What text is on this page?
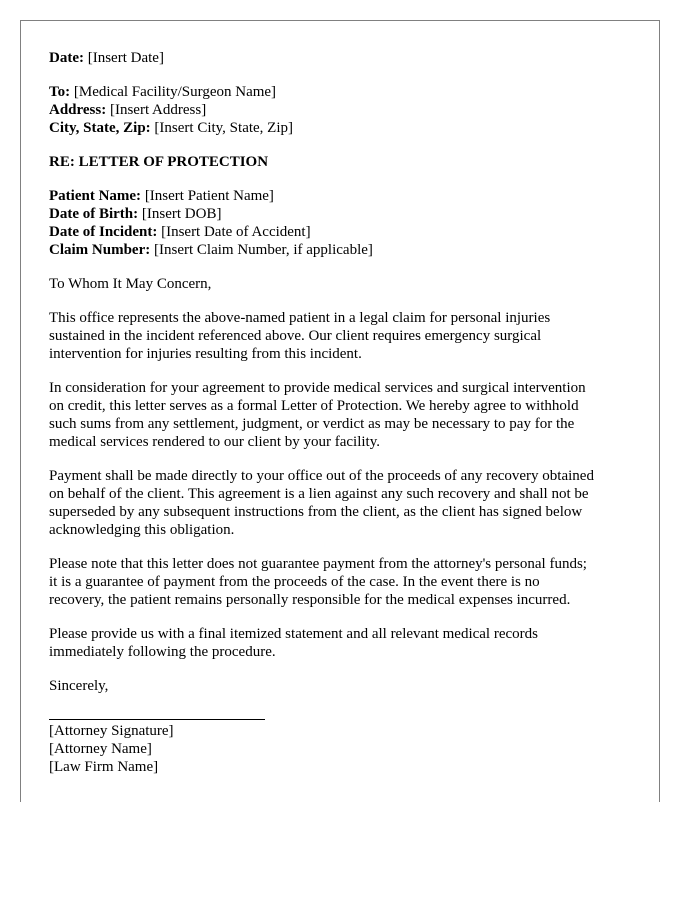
Date: [Insert Date]
To: [Medical Facility/Surgeon Name]
Address: [Insert Address]
City, State, Zip: [Insert City, State, Zip]
RE: LETTER OF PROTECTION
Patient Name: [Insert Patient Name]
Date of Birth: [Insert DOB]
Date of Incident: [Insert Date of Accident]
Claim Number: [Insert Claim Number, if applicable]
To Whom It May Concern,

This office represents the above-named patient in a legal claim for personal injuries
sustained in the incident referenced above. Our client requires emergency surgical
intervention for injuries resulting from this incident.

In consideration for your agreement to provide medical services and surgical intervention
on credit, this letter serves as a formal Letter of Protection. We hereby agree to withhold
such sums from any settlement, judgment, or verdict as may be necessary to pay for the
medical services rendered to our client by your facility.

Payment shall be made directly to your office out of the proceeds of any recovery obtained
on behalf of the client. This agreement is a lien against any such recovery and shall not be
superseded by any subsequent instructions from the client, as the client has signed below
acknowledging this obligation.

Please note that this letter does not guarantee payment from the attorney's personal funds;
it is a guarantee of payment from the proceeds of the case. In the event there is no
recovery, the patient remains personally responsible for the medical expenses incurred.

Please provide us with a final itemized statement and all relevant medical records
immediately following the procedure.

Sincerely,
[Attorney Signature]
[Attorney Name]
[Law Firm Name]
